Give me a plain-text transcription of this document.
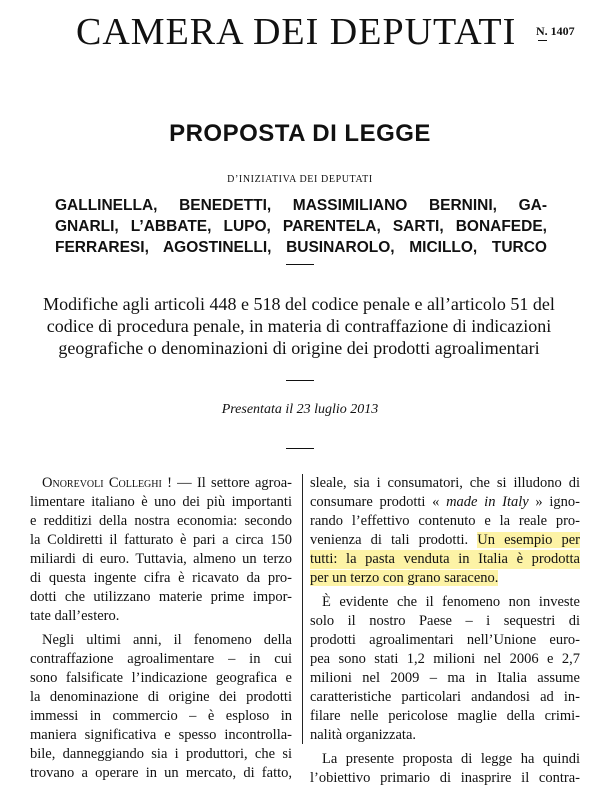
CAMERA DEI DEPUTATI N. 1407
PROPOSTA DI LEGGE
D’INIZIATIVA DEI DEPUTATI
GALLINELLA, BENEDETTI, MASSIMILIANO BERNINI, GA-
GNARLI, L’ABBATE, LUPO, PARENTELA, SARTI, BONAFEDE,
FERRARESI, AGOSTINELLI, BUSINAROLO, MICILLO, TURCO
Modifiche agli articoli 448 e 518 del codice penale e all’articolo 51 del
codice di procedura penale, in materia di contraffazione di indicazioni
geografiche o denominazioni di origine dei prodotti agroalimentari
Presentata il 23 luglio 2013

Onorevoli Colleghi ! — Il settore agroa-
limentare italiano è uno dei più importanti
e redditizi della nostra economia: secondo
la Coldiretti il fatturato è pari a circa 150
miliardi di euro. Tuttavia, almeno un terzo
di questa ingente cifra è ricavato da pro-
dotti che utilizzano materie prime impor-
tate dall’estero.

Negli ultimi anni, il fenomeno della
contraffazione agroalimentare – in cui
sono falsificate l’indicazione geografica e
la denominazione di origine dei prodotti
immessi in commercio – è esploso in
maniera significativa e spesso incontrolla-
bile, danneggiando sia i produttori, che si
trovano a operare in un mercato, di fatto,

sleale, sia i consumatori, che si illudono di
consumare prodotti « made in Italy » igno-
rando l’effettivo contenuto e la reale pro-
venienza di tali prodotti. Un esempio per
tutti: la pasta venduta in Italia è prodotta
per un terzo con grano saraceno.

È evidente che il fenomeno non investe
solo il nostro Paese – i sequestri di
prodotti agroalimentari nell’Unione euro-
pea sono stati 1,2 milioni nel 2006 e 2,7
milioni nel 2009 – ma in Italia assume
caratteristiche particolari andandosi ad in-
filare nelle pericolose maglie della crimi-
nalità organizzata.

La presente proposta di legge ha quindi
l’obiettivo primario di inasprire il contra-
